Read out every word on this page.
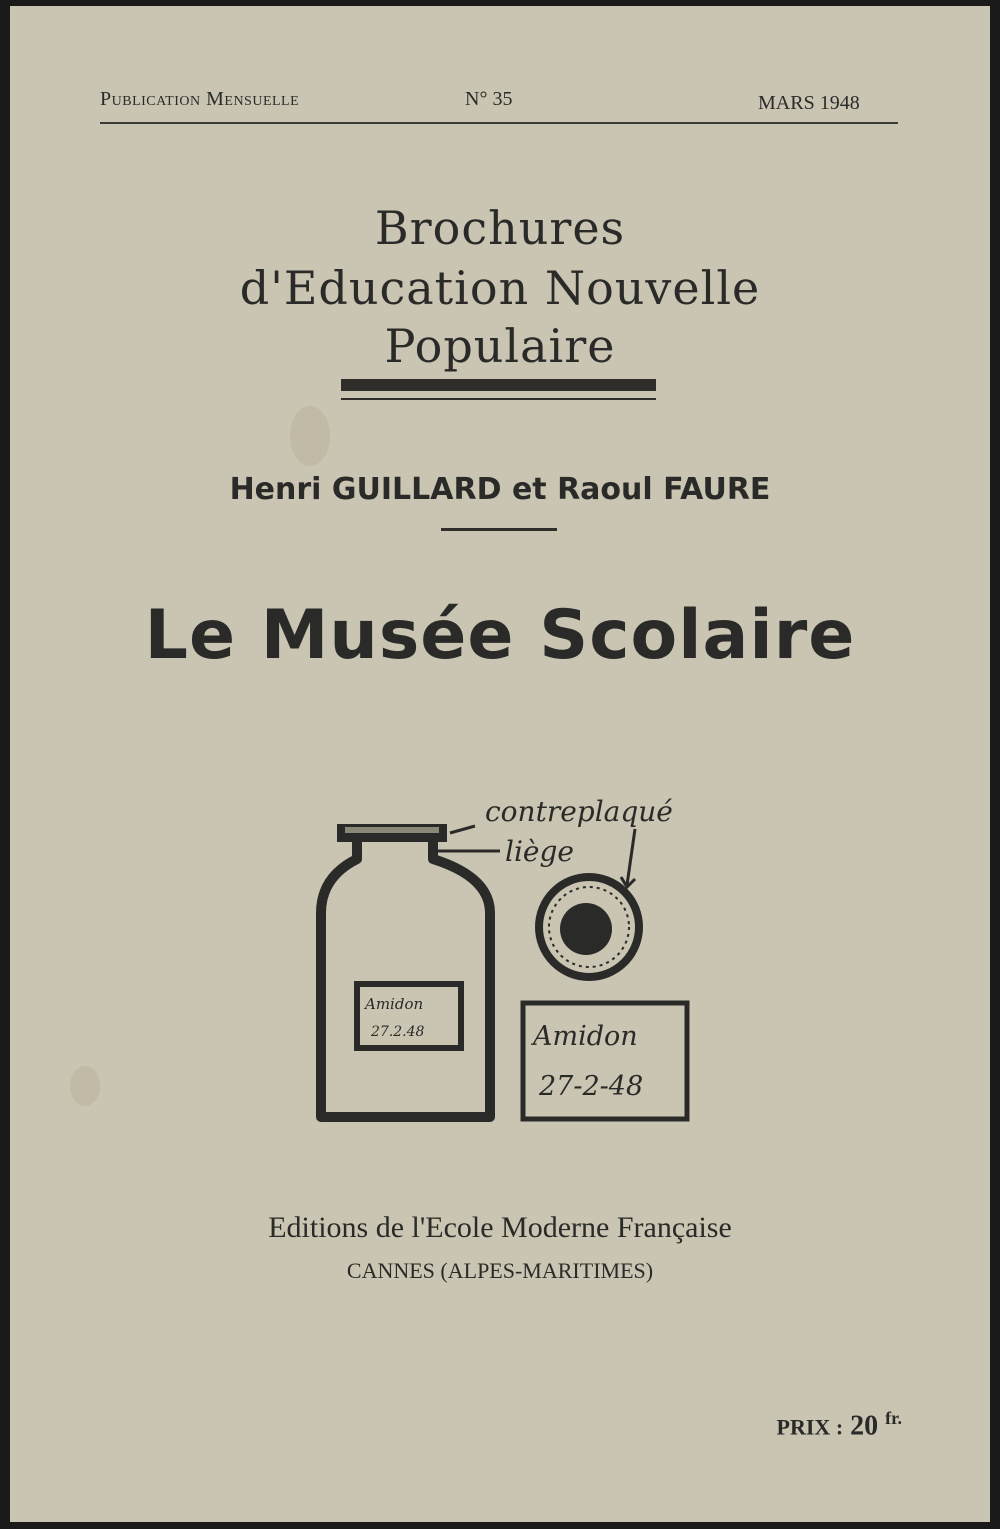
Publication Mensuelle	N° 35	MARS 1948
Brochures
d'Education Nouvelle
Populaire
Henri GUILLARD et Raoul FAURE
Le Musée Scolaire
Amidon
27.2.48
contreplaqué
liège
Amidon
27-2-48
Editions de l'Ecole Moderne Française
CANNES (ALPES-MARITIMES)
PRIX : 20 $^{fr.}$
